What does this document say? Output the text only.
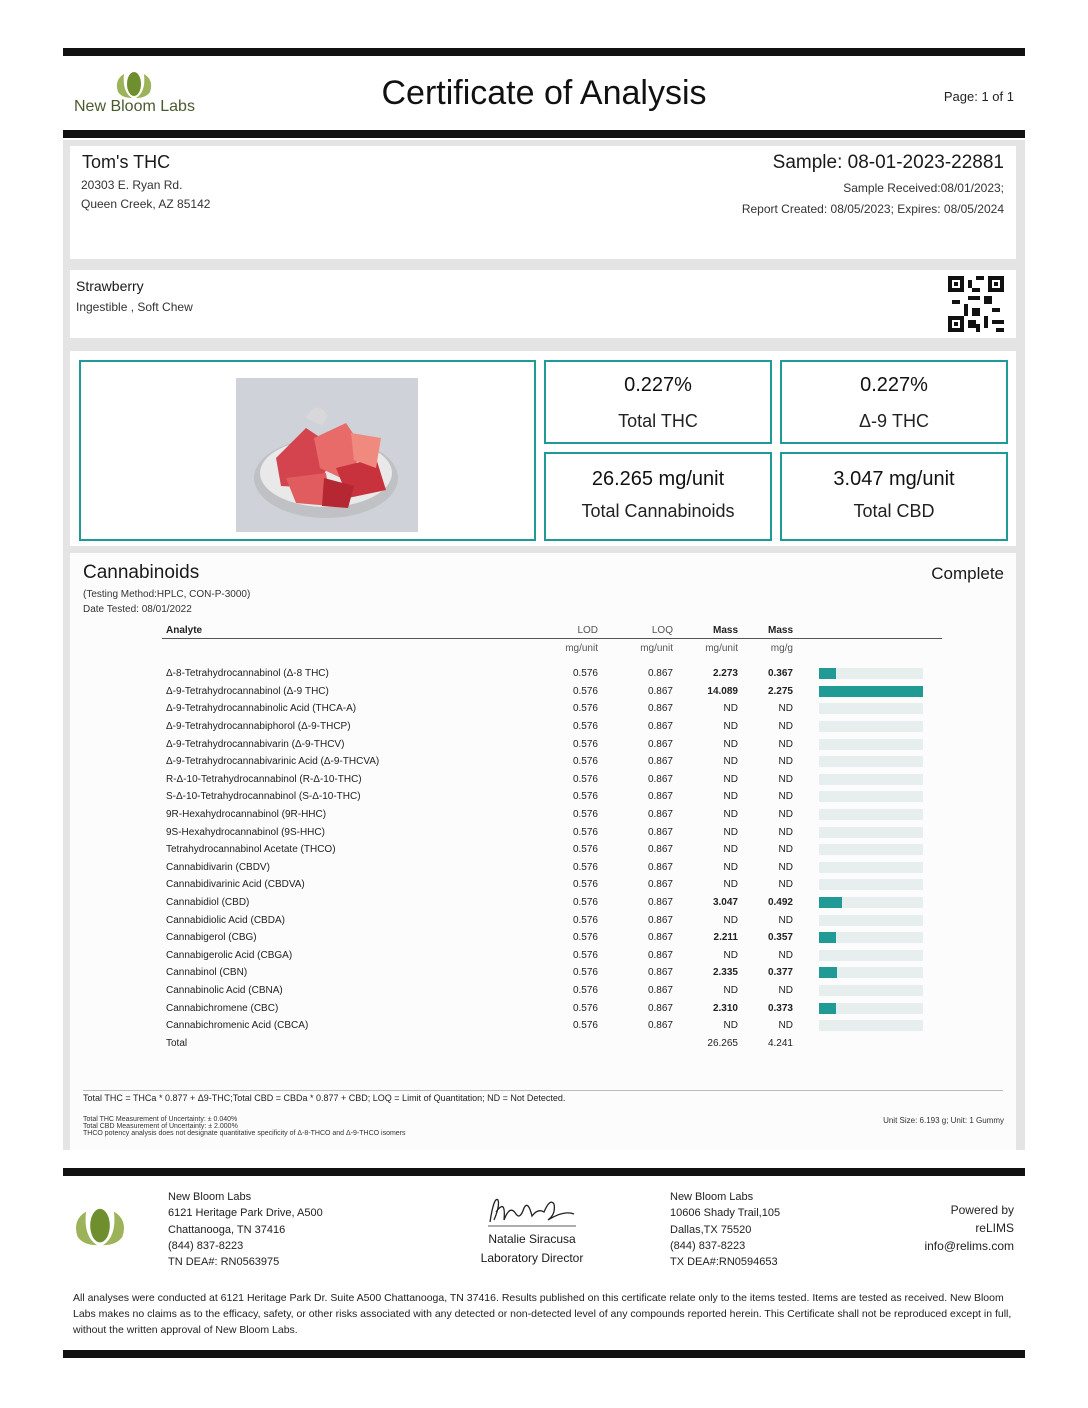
New Bloom Labs	Certificate of Analysis	Page: 1 of 1
Tom's THC
20303 E. Ryan Rd.
Queen Creek, AZ 85142
Sample: 08-01-2023-22881
Sample Received:08/01/2023;
Report Created: 08/05/2023; Expires: 08/05/2024
Strawberry
Ingestible , Soft Chew
0.227%
Total THC
0.227%
Δ-9 THC
26.265 mg/unit
Total Cannabinoids
3.047 mg/unit
Total CBD
Cannabinoids	Complete
(Testing Method:HPLC, CON-P-3000)
Date Tested: 08/01/2022
Analyte	LOD	LOQ	Mass	Mass	
	mg/unit	mg/unit	mg/unit	mg/g	
Δ-8-Tetrahydrocannabinol (Δ-8 THC)	0.576	0.867	2.273	0.367	

Δ-9-Tetrahydrocannabinol (Δ-9 THC)	0.576	0.867	14.089	2.275	

Δ-9-Tetrahydrocannabinolic Acid (THCA-A)	0.576	0.867	ND	ND	

Δ-9-Tetrahydrocannabiphorol (Δ-9-THCP)	0.576	0.867	ND	ND	

Δ-9-Tetrahydrocannabivarin (Δ-9-THCV)	0.576	0.867	ND	ND	

Δ-9-Tetrahydrocannabivarinic Acid (Δ-9-THCVA)	0.576	0.867	ND	ND	

R-Δ-10-Tetrahydrocannabinol (R-Δ-10-THC)	0.576	0.867	ND	ND	

S-Δ-10-Tetrahydrocannabinol (S-Δ-10-THC)	0.576	0.867	ND	ND	

9R-Hexahydrocannabinol (9R-HHC)	0.576	0.867	ND	ND	

9S-Hexahydrocannabinol (9S-HHC)	0.576	0.867	ND	ND	

Tetrahydrocannabinol Acetate (THCO)	0.576	0.867	ND	ND	

Cannabidivarin (CBDV)	0.576	0.867	ND	ND	

Cannabidivarinic Acid (CBDVA)	0.576	0.867	ND	ND	

Cannabidiol (CBD)	0.576	0.867	3.047	0.492	

Cannabidiolic Acid (CBDA)	0.576	0.867	ND	ND	

Cannabigerol (CBG)	0.576	0.867	2.211	0.357	

Cannabigerolic Acid (CBGA)	0.576	0.867	ND	ND	

Cannabinol (CBN)	0.576	0.867	2.335	0.377	

Cannabinolic Acid (CBNA)	0.576	0.867	ND	ND	

Cannabichromene (CBC)	0.576	0.867	2.310	0.373	

Cannabichromenic Acid (CBCA)	0.576	0.867	ND	ND	

Total			26.265	4.241	
Total THC = THCa * 0.877 + Δ9-THC;Total CBD = CBDa * 0.877 + CBD; LOQ = Limit of Quantitation; ND = Not Detected.
Total THC Measurement of Uncertainty: ± 0.040%
Total CBD Measurement of Uncertainty: ± 2.000%
THCO potency analysis does not designate quantitative specificity of Δ-8-THCO and Δ-9-THCO isomers
Unit Size: 6.193 g; Unit: 1 Gummy
New Bloom Labs
6121 Heritage Park Drive, A500
Chattanooga, TN 37416
(844) 837-8223
TN DEA#: RN0563975
Natalie Siracusa
Laboratory Director
New Bloom Labs
10606 Shady Trail,105
Dallas,TX 75520
(844) 837-8223
TX DEA#:RN0594653
Powered by
reLIMS
info@relims.com
All analyses were conducted at 6121 Heritage Park Dr. Suite A500 Chattanooga, TN 37416. Results published on this certificate relate only to the items tested. Items are tested as received. New Bloom Labs makes no claims as to the efficacy, safety, or other risks associated with any detected or non-detected level of any compounds reported herein. This Certificate shall not be reproduced except in full, without the written approval of New Bloom Labs.
